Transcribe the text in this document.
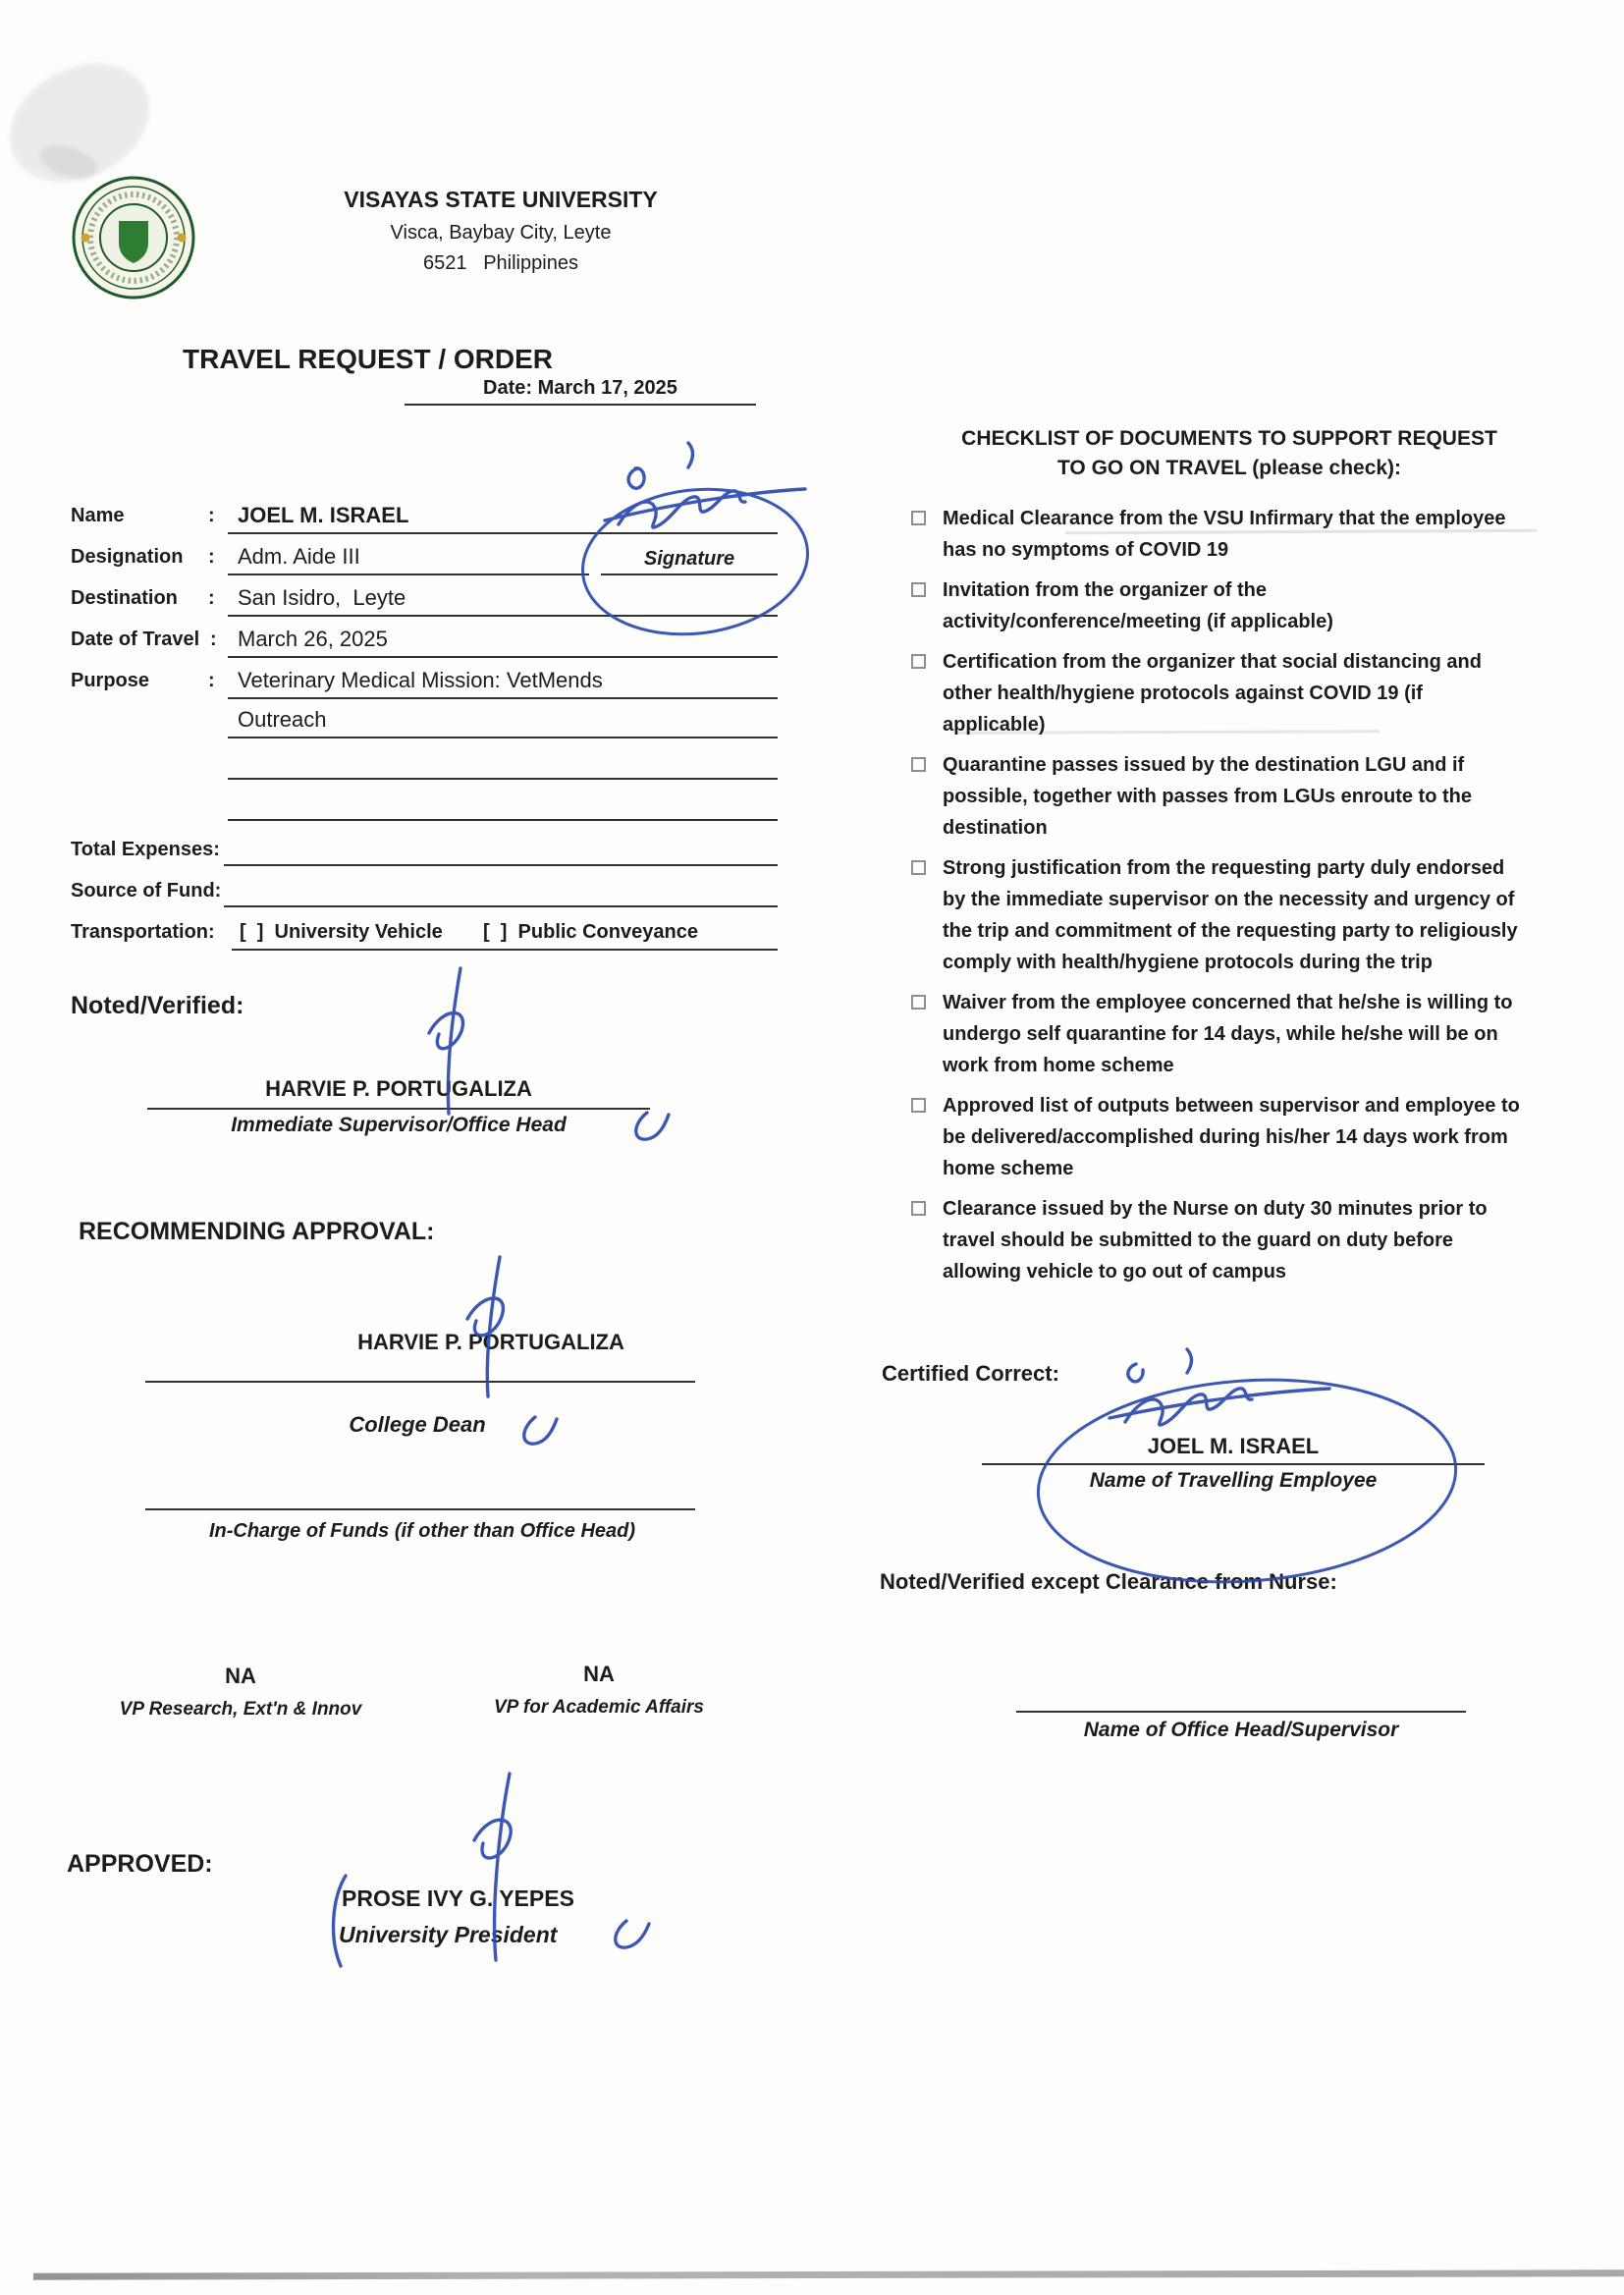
VISAYAS STATE UNIVERSITY
Visca, Baybay City, Leyte
6521   Philippines
TRAVEL REQUEST / ORDER
Date: March 17, 2025
Name	: JOEL M. ISRAEL
Designation : Adm. Aide III	Signature
Destination : San Isidro,  Leyte
Date of Travel : March 26, 2025
Purpose	: Veterinary Medical Mission: VetMends
Outreach
Total Expenses:
Source of Fund:
Transportation: [  ]  University Vehicle [  ]  Public Conveyance
Noted/Verified:
HARVIE P. PORTUGALIZA
Immediate Supervisor/Office Head
RECOMMENDING APPROVAL:
HARVIE P. PORTUGALIZA
College Dean
In-Charge of Funds (if other than Office Head)
NA
VP Research, Ext'n & Innov
NA
VP for Academic Affairs
APPROVED:
PROSE IVY G. YEPES
University President
CHECKLIST OF DOCUMENTS TO SUPPORT REQUEST
TO GO ON TRAVEL (please check):
Medical Clearance from the VSU Infirmary that the employee has no symptoms of COVID 19
Invitation from the organizer of the activity/conference/meeting (if applicable)
Certification from the organizer that social distancing and other health/hygiene protocols against COVID 19 (if applicable)
Quarantine passes issued by the destination LGU and if possible, together with passes from LGUs enroute to the destination
Strong justification from the requesting party duly endorsed by the immediate supervisor on the necessity and urgency of the trip and commitment of the requesting party to religiously comply with health/hygiene protocols during the trip
Waiver from the employee concerned that he/she is willing to undergo self quarantine for 14 days, while he/she will be on work from home scheme
Approved list of outputs between supervisor and employee to be delivered/accomplished during his/her 14 days work from home scheme
Clearance issued by the Nurse on duty 30 minutes prior to travel should be submitted to the guard on duty before allowing vehicle to go out of campus
Certified Correct:
JOEL M. ISRAEL
Name of Travelling Employee
Noted/Verified except Clearance from Nurse:
Name of Office Head/Supervisor
